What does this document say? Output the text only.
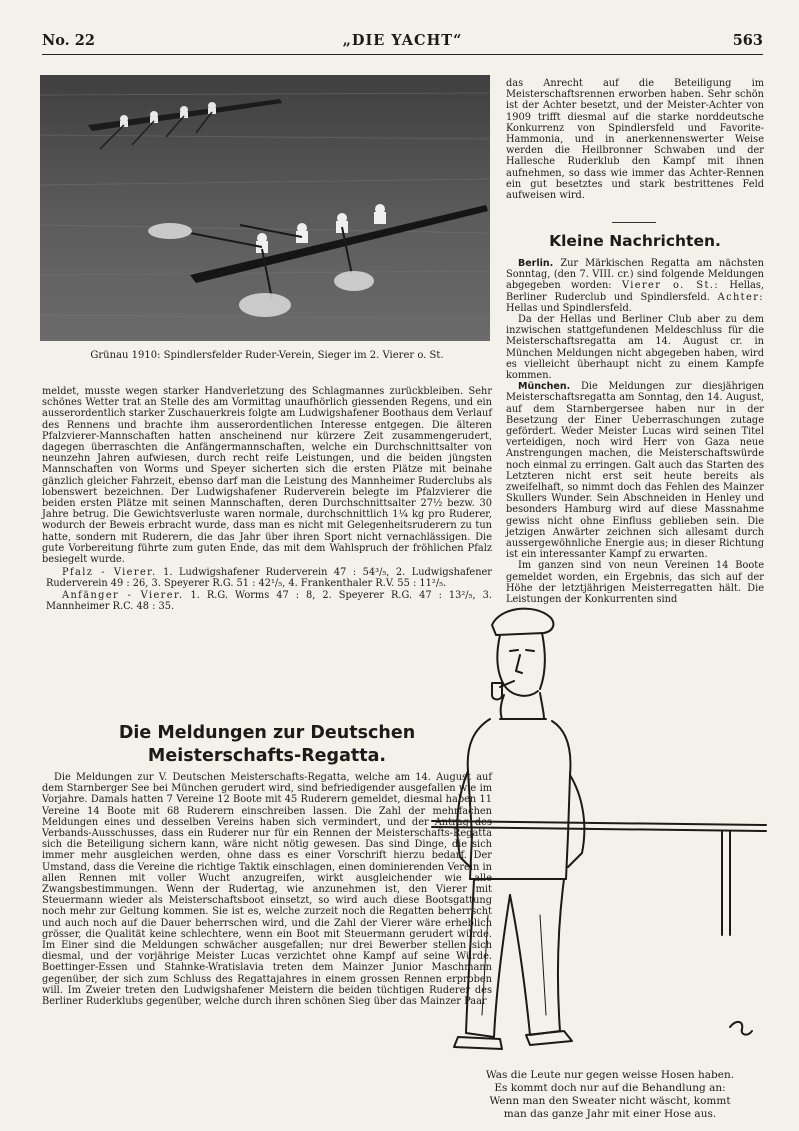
No. 22	„DIE YACHT“	563
Grünau 1910: Spindlersfelder Ruder-Verein, Sieger im 2. Vierer o. St.

meldet, musste wegen starker Handverletzung des Schlagmannes zurückbleiben. Sehr schönes Wetter trat an Stelle des am Vormittag unaufhörlich giessenden Regens, und ein ausserordentlich starker Zuschauerkreis folgte am Ludwigshafener Boothaus dem Verlauf des Rennens und brachte ihm ausserordentlichen Interesse entgegen. Die älteren Pfalzvierer-Mannschaften hatten anscheinend nur kürzere Zeit zusammengerudert, dagegen überraschten die Anfängermannschaften, welche ein Durchschnittsalter von neunzehn Jahren aufwiesen, durch recht reife Leistungen, und die beiden jüngsten Mannschaften von Worms und Speyer sicherten sich die ersten Plätze mit beinahe gänzlich gleicher Fahrzeit, ebenso darf man die Leistung des Mannheimer Ruderclubs als lobenswert bezeichnen. Der Ludwigshafener Ruderverein belegte im Pfalzvierer die beiden ersten Plätze mit seinen Mannschaften, deren Durchschnittsalter 27½ bezw. 30 Jahre betrug. Die Gewichtsverluste waren normale, durchschnittlich 1¼ kg pro Ruderer, wodurch der Beweis erbracht wurde, dass man es nicht mit Gelegenheitsruderern zu tun hatte, sondern mit Ruderern, die das Jahr über ihren Sport nicht vernachlässigen. Die gute Vorbereitung führte zum guten Ende, das mit dem Wahlspruch der fröhlichen Pfalz besiegelt wurde.

Pfalz - Vierer. 1. Ludwigshafener Ruderverein 47 : 54³/₅, 2. Ludwigshafener Ruderverein 49 : 26, 3. Speyerer R.G. 51 : 42¹/₅, 4. Frankenthaler R.V. 55 : 11²/₅.

Anfänger - Vierer. 1. R.G. Worms 47 : 8, 2. Speyerer R.G. 47 : 13²/₅, 3. Mannheimer R.C. 48 : 35.

Die Meldungen zur Deutschen
Meisterschafts-Regatta.

Die Meldungen zur V. Deutschen Meisterschafts-Regatta, welche am 14. August auf dem Starnberger See bei München gerudert wird, sind befriedigender ausgefallen wie im Vorjahre. Damals hatten 7 Vereine 12 Boote mit 45 Ruderern gemeldet, diesmal haben 11 Vereine 14 Boote mit 68 Ruderern einschreiben lassen. Die Zahl der mehrfachen Meldungen eines und desselben Vereins haben sich vermindert, und der Antrag des Verbands-Ausschusses, dass ein Ruderer nur für ein Rennen der Meisterschafts-Regatta sich die Beteiligung sichern kann, wäre nicht nötig gewesen. Das sind Dinge, die sich immer mehr ausgleichen werden, ohne dass es einer Vorschrift hierzu bedarf. Der Umstand, dass die Vereine die richtige Taktik einschlagen, einen dominierenden Verein in allen Rennen mit voller Wucht anzugreifen, wirkt ausgleichender wie alle Zwangsbestimmungen. Wenn der Rudertag, wie anzunehmen ist, den Vierer mit Steuermann wieder als Meisterschaftsboot einsetzt, so wird auch diese Bootsgattung noch mehr zur Geltung kommen. Sie ist es, welche zurzeit noch die Regatten beherrscht und auch noch auf die Dauer beherrschen wird, und die Zahl der Vierer wäre erheblich grösser, die Qualität keine schlechtere, wenn ein Boot mit Steuermann gerudert würde. Im Einer sind die Meldungen schwächer ausgefallen; nur drei Bewerber stellen sich diesmal, und der vorjährige Meister Lucas verzichtet ohne Kampf auf seine Würde. Boettinger-Essen und Stahnke-Wratislavia treten dem Mainzer Junior Maschmann gegenüber, der sich zum Schluss des Regattajahres in einem grossen Rennen erproben will. Im Zweier treten den Ludwigshafener Meistern die beiden tüchtigen Ruderer des Berliner Ruderklubs gegenüber, welche durch ihren schönen Sieg über das Mainzer Paar

das Anrecht auf die Beteiligung im Meisterschaftsrennen erworben haben. Sehr schön ist der Achter besetzt, und der Meister-Achter von 1909 trifft diesmal auf die starke norddeutsche Konkurrenz von Spindlersfeld und Favorite-Hammonia, und in anerkennenswerter Weise werden die Heilbronner Schwaben und der Hallesche Ruderklub den Kampf mit ihnen aufnehmen, so dass wie immer das Achter-Rennen ein gut besetztes und stark bestrittenes Feld aufweisen wird.

Kleine Nachrichten.

Berlin. Zur Märkischen Regatta am nächsten Sonntag, (den 7. VIII. cr.) sind folgende Meldungen abgegeben worden: Vierer o. St.: Hellas, Berliner Ruderclub und Spindlersfeld. Achter: Hellas und Spindlersfeld.

Da der Hellas und Berliner Club aber zu dem inzwischen stattgefundenen Meldeschluss für die Meisterschaftsregatta am 14. August cr. in München Meldungen nicht abgegeben haben, wird es vielleicht überhaupt nicht zu einem Kampfe kommen.

München. Die Meldungen zur diesjährigen Meisterschaftsregatta am Sonntag, den 14. August, auf dem Starnbergersee haben nur in der Besetzung der Einer Ueberraschungen zutage gefördert. Weder Meister Lucas wird seinen Titel verteidigen, noch wird Herr von Gaza neue Anstrengungen machen, die Meisterschaftswürde noch einmal zu erringen. Galt auch das Starten des Letzteren nicht erst seit heute bereits als zweifelhaft, so nimmt doch das Fehlen des Mainzer Skullers Wunder. Sein Abschneiden in Henley und besonders Hamburg wird auf diese Massnahme gewiss nicht ohne Einfluss geblieben sein. Die jetzigen Anwärter zeichnen sich allesamt durch aussergewöhnliche Energie aus; in dieser Richtung ist ein interessanter Kampf zu erwarten.

Im ganzen sind von neun Vereinen 14 Boote gemeldet worden, ein Ergebnis, das sich auf der Höhe der letztjährigen Meisterregatten hält. Die Leistungen der Konkurrenten sind

Was die Leute nur gegen weisse Hosen haben.

Es kommt doch nur auf die Behandlung an:

Wenn man den Sweater nicht wäscht, kommt

man das ganze Jahr mit einer Hose aus.
